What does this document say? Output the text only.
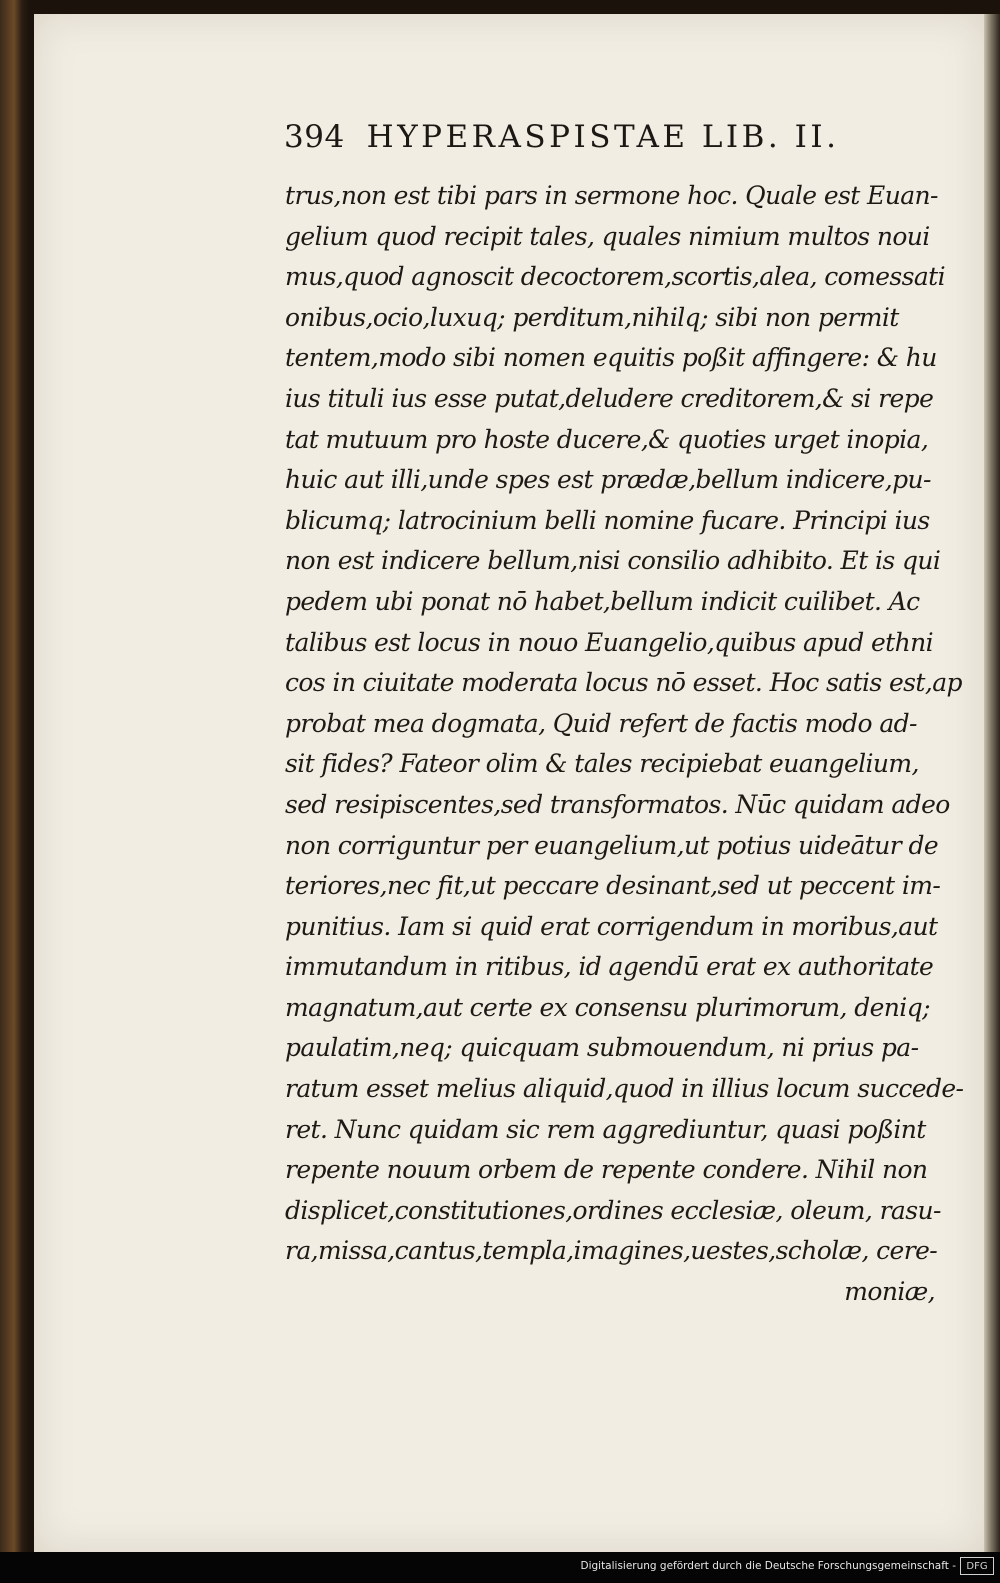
394 HYPERASPISTAE LIB. II.
trus,non est tibi pars in sermone hoc. Quale est Euan-
gelium quod recipit tales, quales nimium multos noui
mus,quod agnoscit decoctorem,scortis,alea, comessati
onibus,ocio,luxuq; perditum,nihilq; sibi non permit
tentem,modo sibi nomen equitis poßit affingere: & hu
ius tituli ius esse putat,deludere creditorem,& si repe
tat mutuum pro hoste ducere,& quoties urget inopia,
huic aut illi,unde spes est prædæ,bellum indicere,pu-
blicumq; latrocinium belli nomine fucare. Principi ius
non est indicere bellum,nisi consilio adhibito. Et is qui
pedem ubi ponat nō habet,bellum indicit cuilibet. Ac
talibus est locus in nouo Euangelio,quibus apud ethni
cos in ciuitate moderata locus nō esset. Hoc satis est,ap
probat mea dogmata, Quid refert de factis modo ad-
sit fides? Fateor olim & tales recipiebat euangelium,
sed resipiscentes,sed transformatos. Nūc quidam adeo
non corriguntur per euangelium,ut potius uideātur de
teriores,nec fit,ut peccare desinant,sed ut peccent im-
punitius. Iam si quid erat corrigendum in moribus,aut
immutandum in ritibus, id agendū erat ex authoritate
magnatum,aut certe ex consensu plurimorum, deniq;
paulatim,neq; quicquam submouendum, ni prius pa-
ratum esset melius aliquid,quod in illius locum succede-
ret. Nunc quidam sic rem aggrediuntur, quasi poßint
repente nouum orbem de repente condere. Nihil non
displicet,constitutiones,ordines ecclesiæ, oleum, rasu-
ra,missa,cantus,templa,imagines,uestes,scholæ, cere-
moniæ,
Digitalisierung gefördert durch die Deutsche Forschungsgemeinschaft -	DFG
